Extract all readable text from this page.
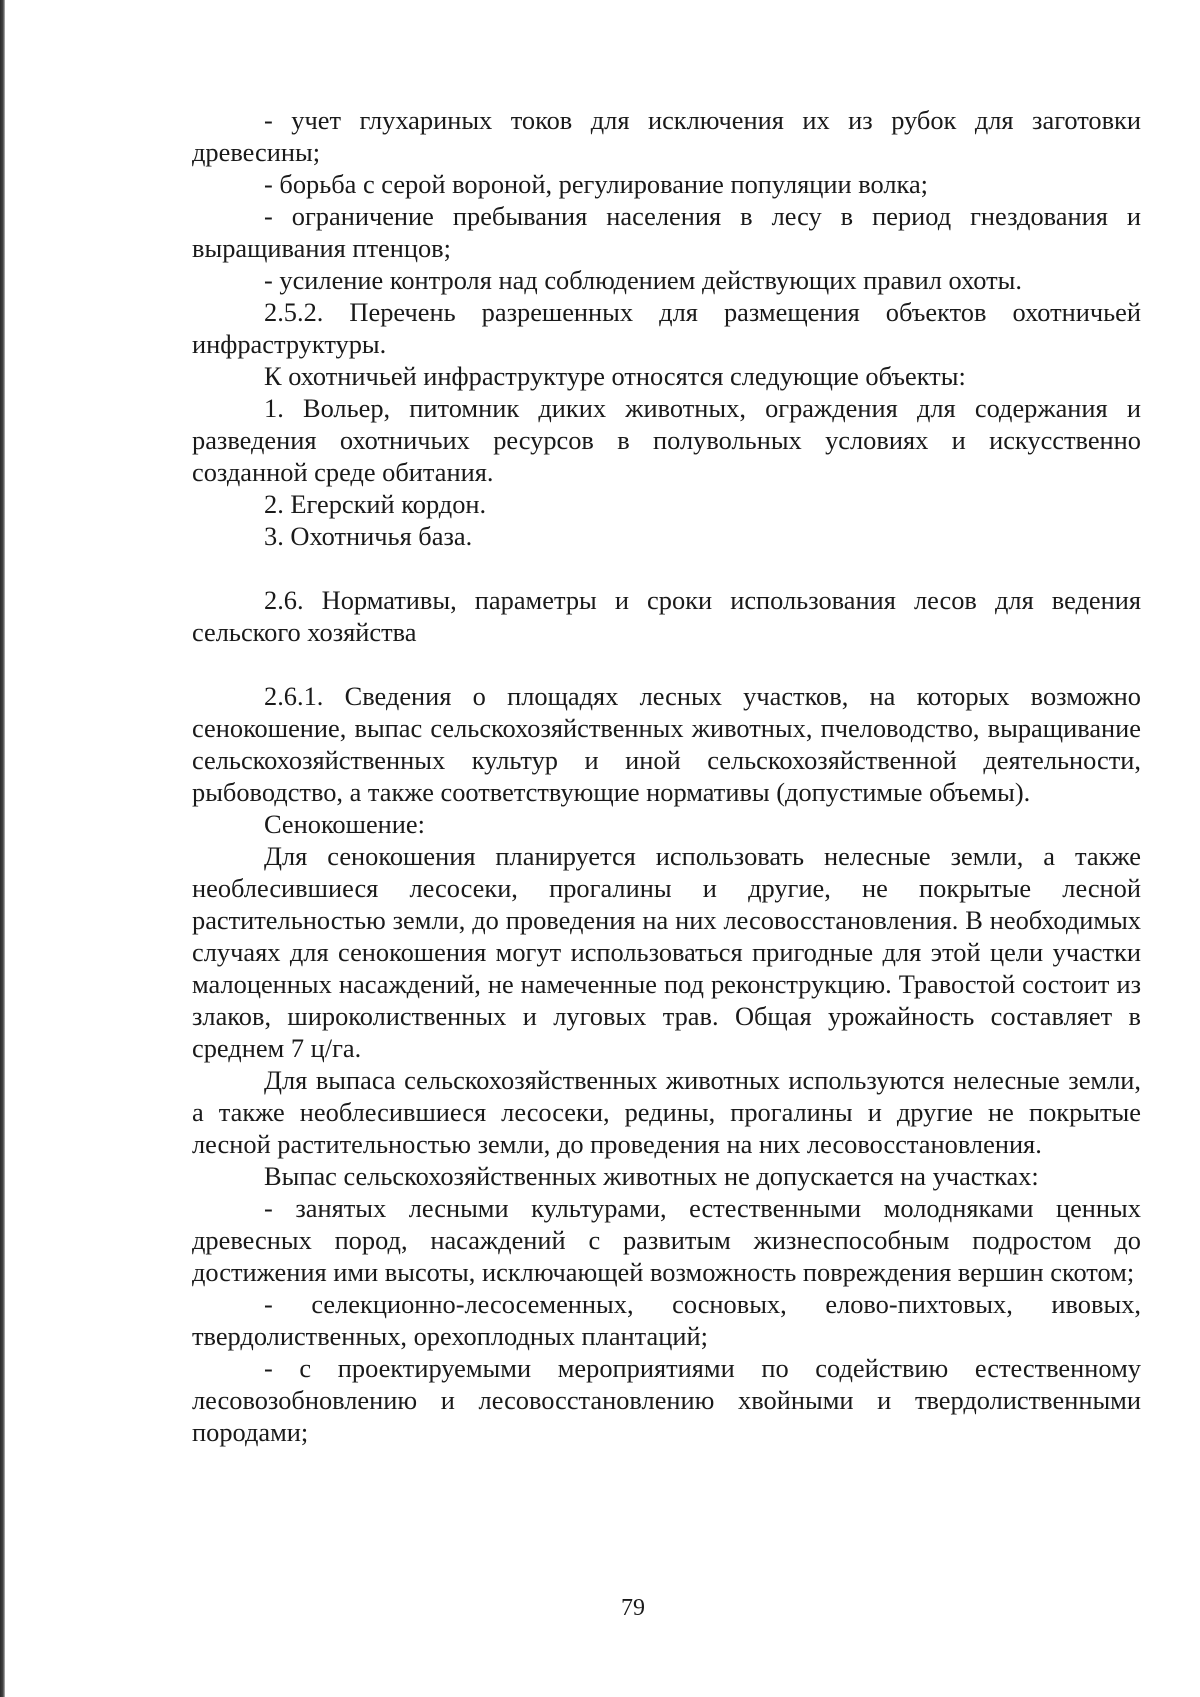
- учет глухариных токов для исключения их из рубок для заготовки древесины;

- борьба с серой вороной, регулирование популяции волка;

- ограничение пребывания населения в лесу в период гнездования и выращивания птенцов;

- усиление контроля над соблюдением действующих правил охоты.

2.5.2. Перечень разрешенных для размещения объектов охотничьей инфраструктуры.

К охотничьей инфраструктуре относятся следующие объекты:

1. Вольер, питомник диких животных, ограждения для содержания и разведения охотничьих ресурсов в полувольных условиях и искусственно созданной среде обитания.

2. Егерский кордон.

3. Охотничья база.

2.6. Нормативы, параметры и сроки использования лесов для ведения сельского хозяйства

2.6.1. Сведения о площадях лесных участков, на которых возможно сенокошение, выпас сельскохозяйственных животных, пчеловодство, выращивание сельскохозяйственных культур и иной сельскохозяйственной деятельности, рыбоводство, а также соответствующие нормативы (допустимые объемы).

Сенокошение:

Для сенокошения планируется использовать нелесные земли, а также необлесившиеся лесосеки, прогалины и другие, не покрытые лесной растительностью земли, до проведения на них лесовосстановления. В необходимых случаях для сенокошения могут использоваться пригодные для этой цели участки малоценных насаждений, не намеченные под реконструкцию. Травостой состоит из злаков, широколиственных и луговых трав. Общая урожайность составляет в среднем 7 ц/га.

Для выпаса сельскохозяйственных животных используются нелесные земли, а также необлесившиеся лесосеки, редины, прогалины и другие не покрытые лесной растительностью земли, до проведения на них лесовосстановления.

Выпас сельскохозяйственных животных не допускается на участках:

- занятых лесными культурами, естественными молодняками ценных древесных пород, насаждений с развитым жизнеспособным подростом до достижения ими высоты, исключающей возможность повреждения вершин скотом;

- селекционно-лесосеменных, сосновых, елово-пихтовых, ивовых, твердолиственных, орехоплодных плантаций;

- с проектируемыми мероприятиями по содействию естественному лесовозобновлению и лесовосстановлению хвойными и твердолиственными породами;

79
